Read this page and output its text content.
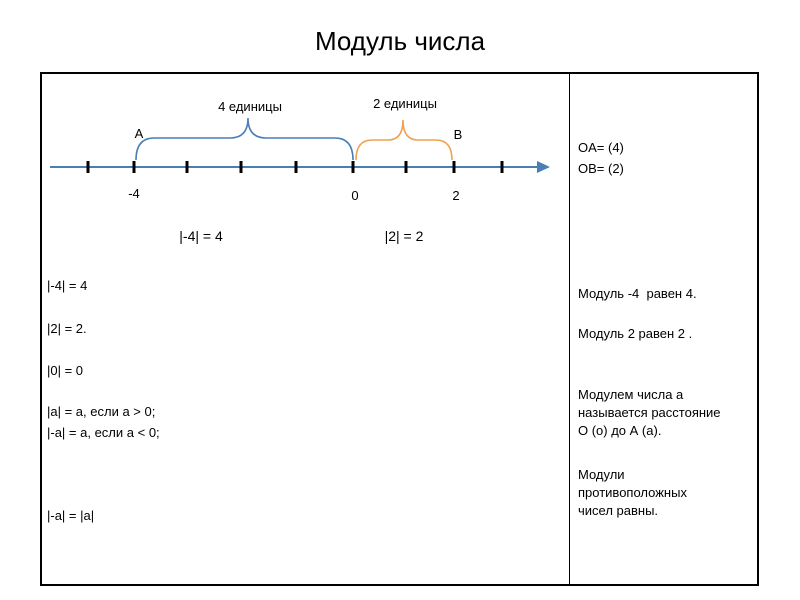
Модуль числа
4 единицы	2 единицы
A	B
-4	0	2
|-4| = 4	|2| = 2
|-4| = 4
|2| = 2.
|0| = 0
|a| = a, если a > 0;
|-a| = a, если a < 0;
|-a| = |a|
OA= (4)
OB= (2)
Модуль -4  равен 4.
Модуль 2 равен 2 .
Модулем числа а
называется расстояние
О (о) до А (а).
Модули
противоположных
чисел равны.
